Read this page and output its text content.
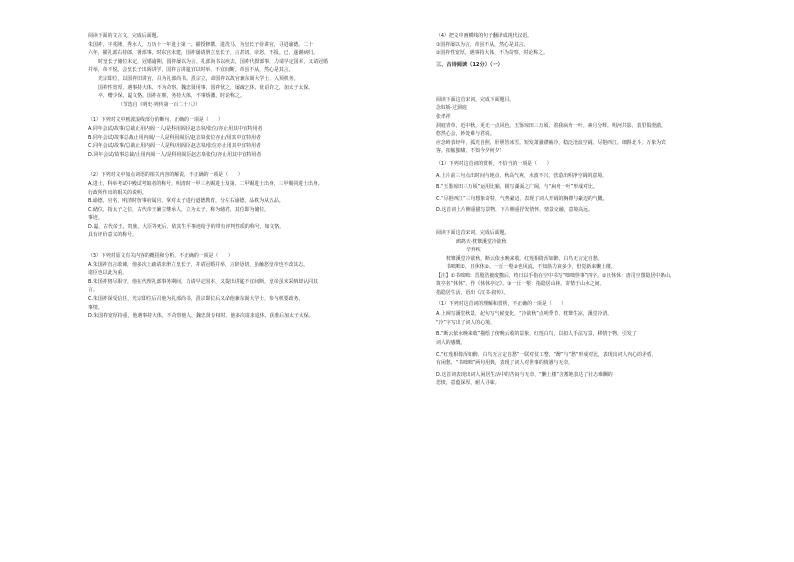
阅读下面的文言文，完成后面题。

朱国祚，字兆隆，秀水人，万历十一年进士第一。擢授修撰，进洗马，为皇长子侍讲官，寻进谕德。二十

六年，擢礼部右侍郎，署部事。时东宫未建，国祚屡请册立皇长子，言甚切。帝怒，不报。已，遂谢病归。

时皇长子储位未定，冠婚逾期，国祚屡以为言。礼部尚书以疾去，国祚代摄部事，力请早定国本，又请冠婚

并举，帝不悦。会皇长子出阁讲学，国祚言讲筵宜以时举，不宜间断。帝虽不从，然心是其言。

光宗即位，以国祚旧讲官，召为礼部尚书。熹宗立，命国祚以故官兼东阁大学士，入预机务。

国祚性宽厚，遇事持大体，不为苛察。魏忠贤用事，国祚忧之，屡疏乞休，优诏许之，加太子太保。

卒，赠少保，谥文恪。国祚在朝，务持大体，不事矫激，时论称之。

（节选自《明史·列传第一百二十八》）

（1）下列对文中画波浪线部分的断句，正确的一项是（　　）

A.同年会试/故事/总裁止用内阁一人/是科用阁臣赵志皋/张位/亦止用其中宜特用者

B.同年会试/故事总裁止用内阁/一人是科用阁臣/赵志皋张位亦止/用其中宜特用者

C.同年会试/故事/总裁止用内阁一人是科/用阁臣赵志皋/张位亦止用其中宜特用者

D.同年会试/故事总裁/止用内阁一人/是科用阁臣赵志皋张位/亦止用其中宜特用者

（2）下列对文中加点词语的相关内容的解说，不正确的一项是（　　）

A.进士，科举考试中殿试考取者的称号，明清时一甲三名赐进士及第，二甲赐进士出身，三甲赐同进士出身。

行政所作出的相关的说明。

B.谕德，官名，明清时詹事府属官，掌对太子进行道德教育，分左右谕德，品秩为从五品。

C.储位，指太子之位，古代帝王确立继承人，立为太子，称为储君，其位即为储位。

事迹。

D.谥，古代帝王、贵族、大臣等死后，依其生平事迹给予的带有评判性质的称号，如文恪。

具有评价意义的称号。

（3）下列对原文有关内容的概括和分析，不正确的一项是（　　）

A.朱国祚直言敢谏，他多次上疏请求册立皇长子，并请冠婚并举，言辞恳切，虽触怒皇帝也不改其志。

诸臣也以此为重。

B.朱国祚恪尽职守，他在代理礼部事务期间，力请早定国本，又提出讲筵不宜间断，皇帝虽未采纳却认同其

言。

C.朱国祚深受信任，光宗即位后召他为礼部尚书，熹宗即位后又命他兼东阁大学士，参与机要政务。

事情。

D.朱国祚宽厚持重，他遇事持大体，不苛察他人，魏忠贤专权时，他多次请求退休，获准后加太子太保。

（4）把文中画横线的句子翻译成现代汉语。

①国祚屡以为言，帝虽不从，然心是其言。

②国祚性宽厚，遇事持大体，不为苛察，时论称之。

三、古诗阅读（12分）（一）

阅读下面这首宋词，完成下面题目。

念奴娇·过洞庭

张孝祥

洞庭青草，近中秋，更无一点风色。玉鉴琼田三万顷，着我扁舟一叶。素月分辉，明河共影，表里俱澄澈。

悠然心会，妙处难与君说。

应念岭表经年，孤光自照，肝胆皆冰雪。短发萧骚襟袖冷，稳泛沧浪空阔。尽挹西江，细斟北斗，万象为宾

客。扣舷独啸，不知今夕何夕！

（1）下列对这首词的赏析，不恰当的一项是（　　）

A.上片前三句点出时间与地点，秋高气爽，水波不兴，营造出明净空阔的意境。

B.“玉鉴琼田三万顷”运用比喻，极写湖面之广阔，与“扁舟一叶”形成对比。

C.“尽挹西江”三句想象奇特，气势豪迈，表现了词人开阔的胸襟与豪迈的气概。

D.这首词上片侧重描写景物，下片侧重抒发情怀，情景交融，意境高远。

阅读下面这首宋词，完成后面题。

鹧鸪天·枕簟溪堂冷欲秋

辛弃疾

枕簟溪堂冷欲秋，断云依水晚来收。红莲相倚浑如醉，白鸟无言定自愁。

书咄咄①，且休休②。一丘一壑③也风流。不知筋力衰多少，但觉新来懒上楼。

【注】①书咄咄：晋殷浩被废黜后，终日以手指在空中书写“咄咄怪事”四字。②且休休：唐司空图隐居中条山，

筑亭名“休休”，作《休休亭记》。③一丘一壑：指隐居山林，寄情于山水之间。

指隐居生活，语出《汉书·叙传》。

（1）下列对这首词的理解和赏析，不正确的一项是（　　）

A.上阕写溪堂秋景，起句写气候变化，“冷欲秋”点明季节，枕簟生凉，溪堂冷清，

“冷”字写出了词人的心境。

B.“断云依水晚来收”描绘了傍晚云收的景象，红莲白鸟，以拟人手法写景，移情于物，引发了

词人的感慨。

C.“红莲相倚浑如醉，白鸟无言定自愁”一联对仗工整，“醉”与“愁”形成对比，表现出词人内心的矛盾，

有闲愁，“书咄咄”两句用典，表现了词人对世事的愤懑与无奈。

D.这首词表现出词人闲居生活中的苦闷与无奈，“懒上楼”含蓄地表达了壮志难酬的

悲愤，意蕴深厚，耐人寻味。
